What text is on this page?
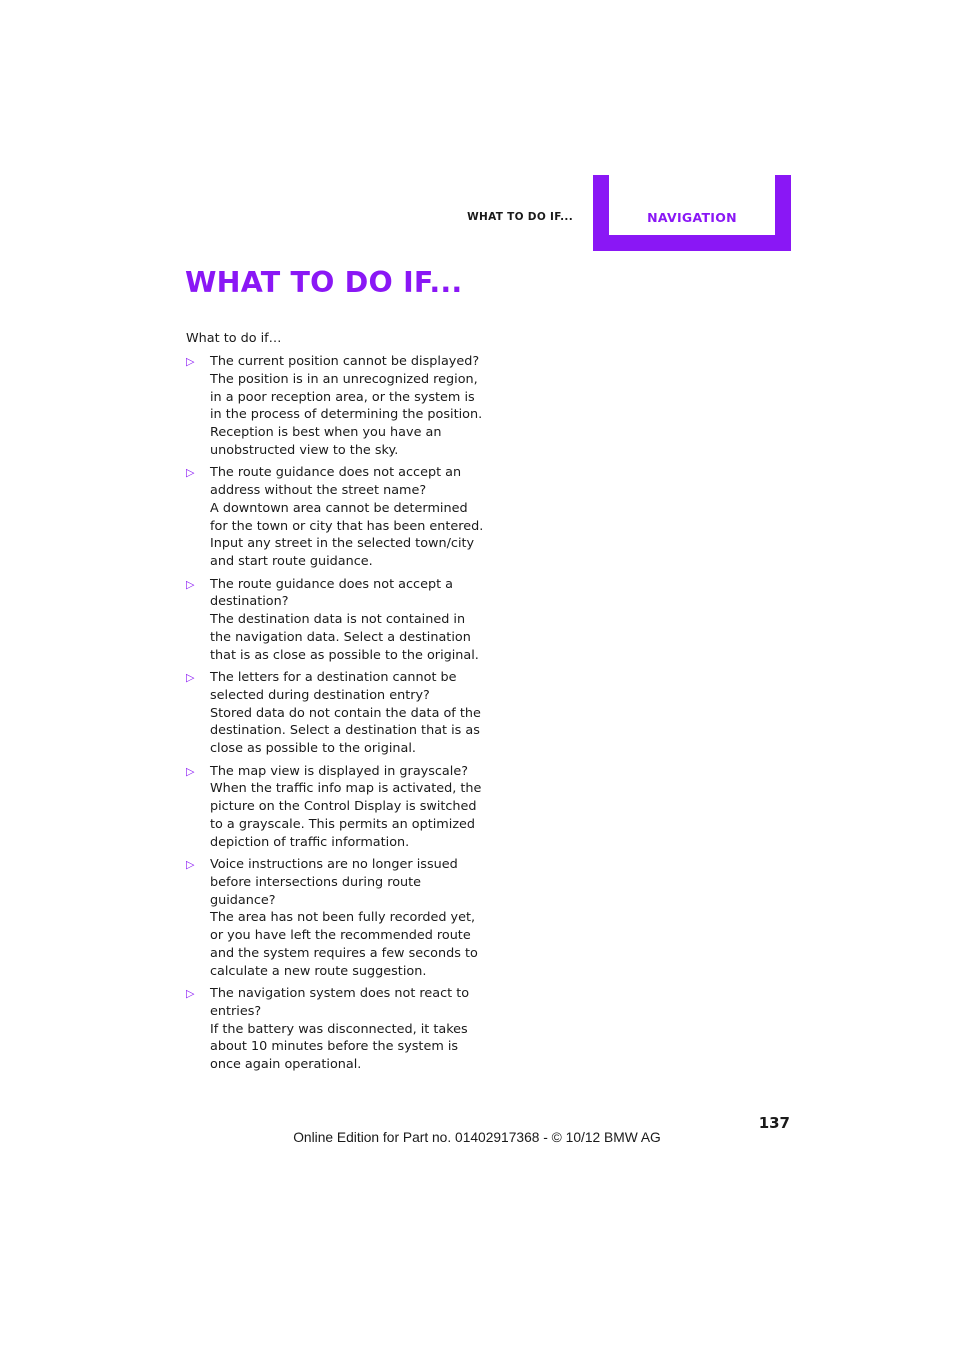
WHAT TO DO IF...	NAVIGATION
WHAT TO DO IF...

What to do if…

▷ The current position cannot be displayed?

The position is in an unrecognized region, in a poor reception area, or the system is in the process of determining the position. Reception is best when you have an unobstructed view to the sky.

▷ The route guidance does not accept an address without the street name?

A downtown area cannot be determined for the town or city that has been entered. Input any street in the selected town/city and start route guidance.

▷ The route guidance does not accept a destination?

The destination data is not contained in the navigation data. Select a destination that is as close as possible to the original.

▷ The letters for a destination cannot be selected during destination entry?

Stored data do not contain the data of the destination. Select a destination that is as close as possible to the original.

▷ The map view is displayed in grayscale?

When the traffic info map is activated, the picture on the Control Display is switched to a grayscale. This permits an optimized depiction of traffic information.

▷ Voice instructions are no longer issued before intersections during route guidance?

The area has not been fully recorded yet, or you have left the recommended route and the system requires a few seconds to calculate a new route suggestion.

▷ The navigation system does not react to entries?

If the battery was disconnected, it takes about 10 minutes before the system is once again operational.

137
Online Edition for Part no. 01402917368 - © 10/12 BMW AG
